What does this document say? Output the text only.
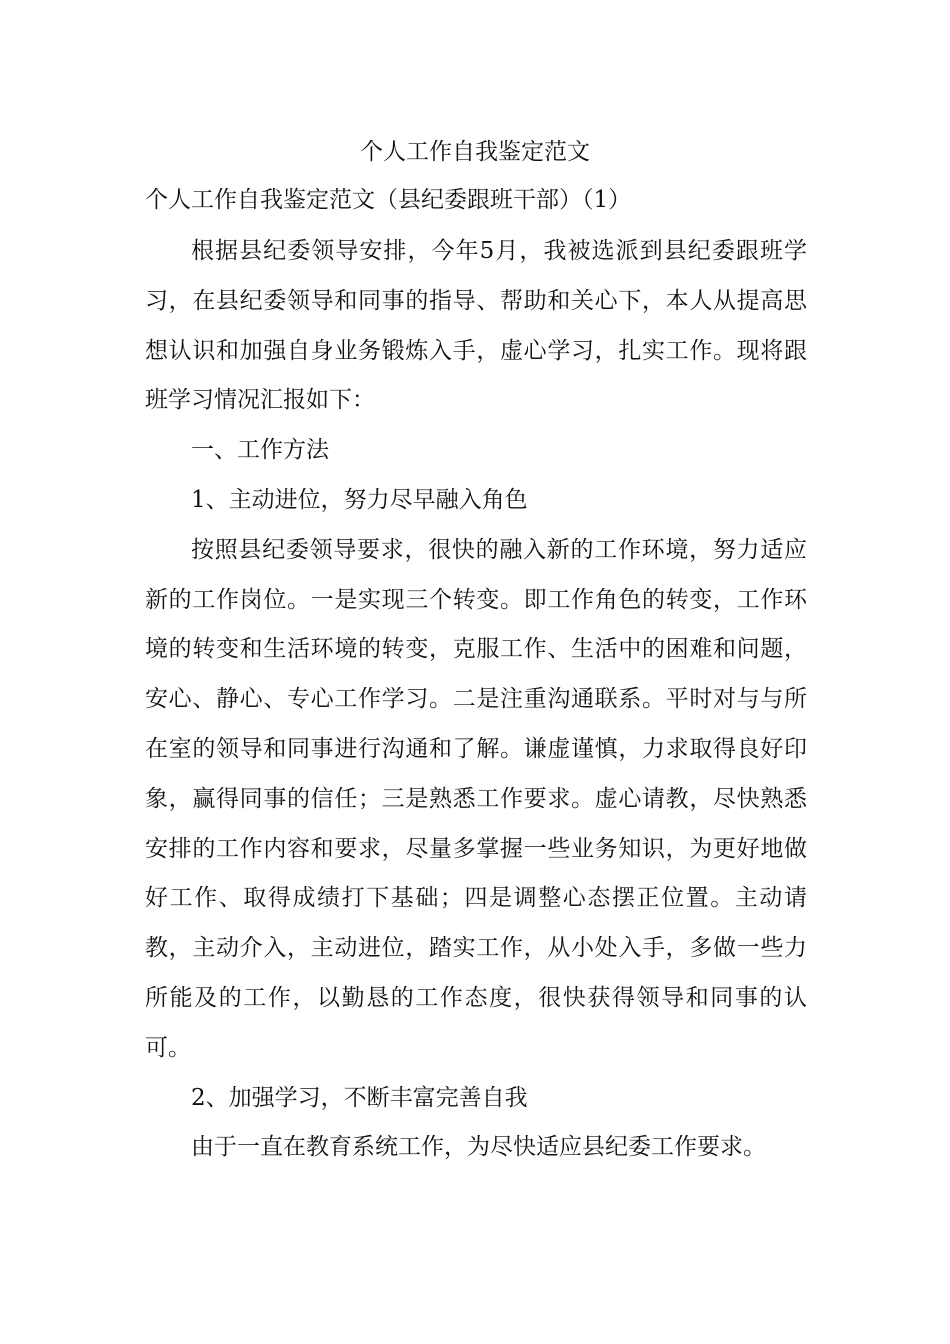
个人工作自我鉴定范文

个人工作自我鉴定范文（县纪委跟班干部）（1）

根据县纪委领导安排，今年5月，我被选派到县纪委跟班学习，在县纪委领导和同事的指导、帮助和关心下，本人从提高思想认识和加强自身业务锻炼入手，虚心学习，扎实工作。现将跟班学习情况汇报如下：

一、工作方法

1、主动进位，努力尽早融入角色

按照县纪委领导要求，很快的融入新的工作环境，努力适应新的工作岗位。一是实现三个转变。即工作角色的转变，工作环境的转变和生活环境的转变，克服工作、生活中的困难和问题，安心、静心、专心工作学习。二是注重沟通联系。平时对与与所在室的领导和同事进行沟通和了解。谦虚谨慎，力求取得良好印象，赢得同事的信任；三是熟悉工作要求。虚心请教，尽快熟悉安排的工作内容和要求，尽量多掌握一些业务知识，为更好地做好工作、取得成绩打下基础；四是调整心态摆正位置。主动请教，主动介入，主动进位，踏实工作，从小处入手，多做一些力所能及的工作，以勤恳的工作态度，很快获得领导和同事的认可。

2、加强学习，不断丰富完善自我

由于一直在教育系统工作，为尽快适应县纪委工作要求。
